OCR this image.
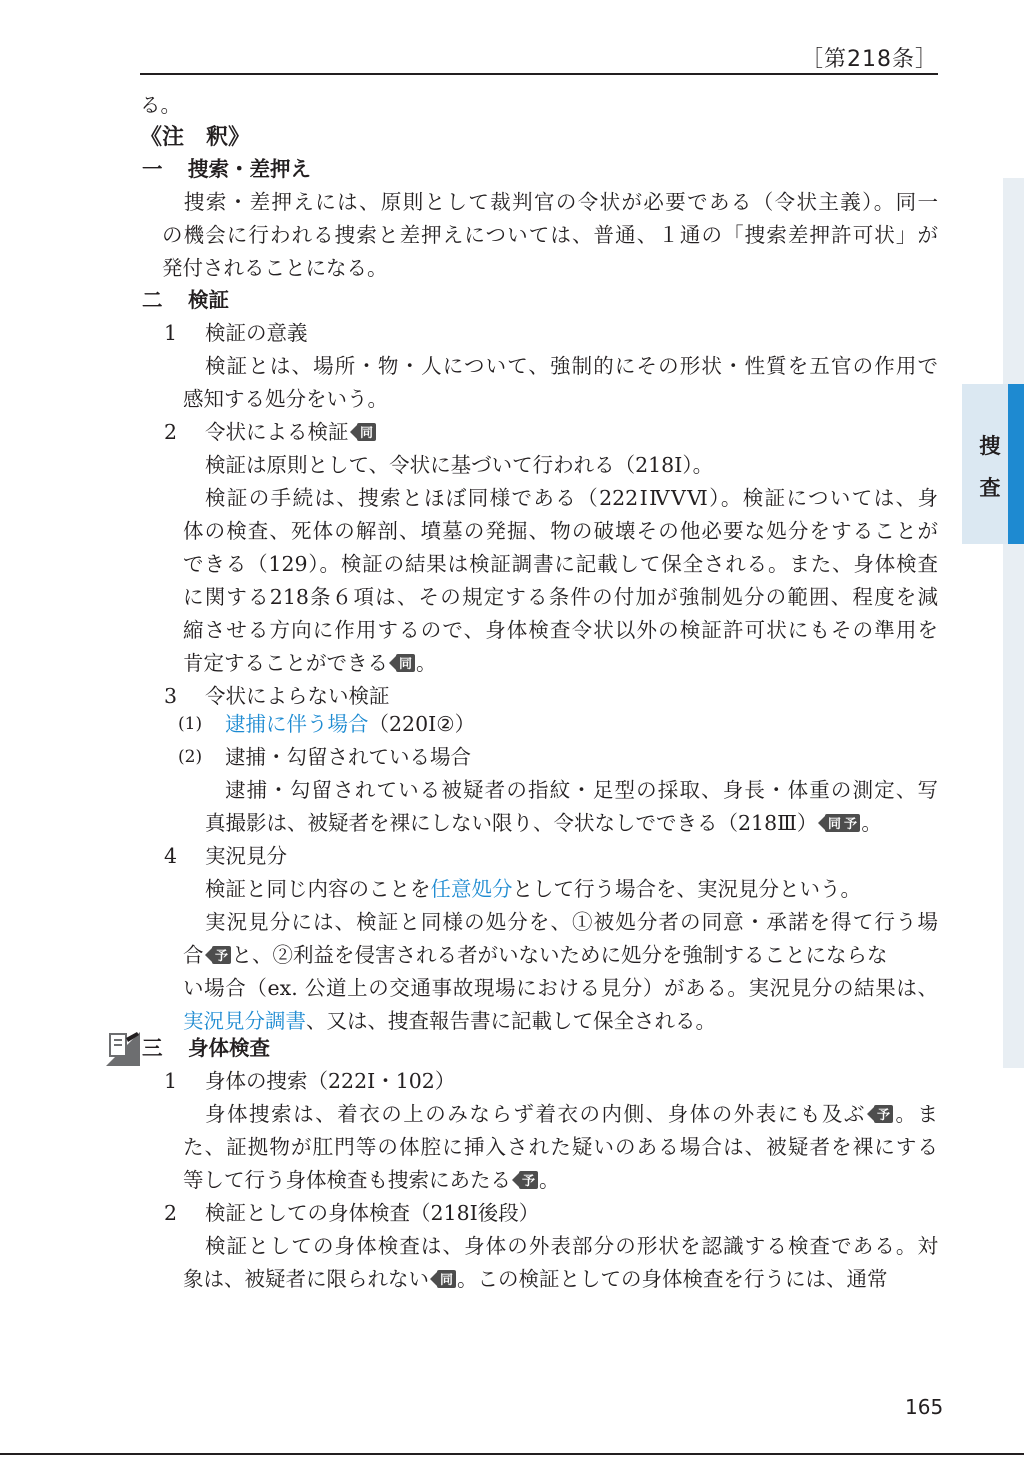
捜
査
［第218条］
る。
《注　釈》
一 捜索・差押え
捜索・差押えには、原則として裁判官の令状が必要である（令状主義）。同一
の機会に行われる捜索と差押えについては、普通、１通の「捜索差押許可状」が
発付されることになる。
二 検証
1 検証の意義
検証とは、場所・物・人について、強制的にその形状・性質を五官の作用で
感知する処分をいう。
2 令状による検証 同
検証は原則として、令状に基づいて行われる（218Ⅰ）。
検証の手続は、捜索とほぼ同様である（222ⅠⅣⅤⅥ）。検証については、身
体の検査、死体の解剖、墳墓の発掘、物の破壊その他必要な処分をすることが
できる（129）。検証の結果は検証調書に記載して保全される。また、身体検査
に関する218条６項は、その規定する条件の付加が強制処分の範囲、程度を減
縮させる方向に作用するので、身体検査令状以外の検証許可状にもその準用を
肯定することができる 同 。
3 令状によらない検証
(1) 逮捕に伴う場合（220Ⅰ②）
(2) 逮捕・勾留されている場合
逮捕・勾留されている被疑者の指紋・足型の採取、身長・体重の測定、写
真撮影は、被疑者を裸にしない限り、令状なしでできる（218Ⅲ） 同 予 。
4 実況見分
検証と同じ内容のことを任意処分として行う場合を、実況見分という。
実況見分には、検証と同様の処分を、①被処分者の同意・承諾を得て行う場
合 予 と、②利益を侵害される者がいないために処分を強制することにならな
い場合（ex. 公道上の交通事故現場における見分）がある。実況見分の結果は、
実況見分調書、又は、捜査報告書に記載して保全される。
三 身体検査
1 身体の捜索（222Ⅰ・102）
身体捜索は、着衣の上のみならず着衣の内側、身体の外表にも及ぶ 予 。ま
た、証拠物が肛門等の体腔に挿入された疑いのある場合は、被疑者を裸にする
等して行う身体検査も捜索にあたる 予 。
2 検証としての身体検査（218Ⅰ後段）
検証としての身体検査は、身体の外表部分の形状を認識する検査である。対
象は、被疑者に限られない 同 。この検証としての身体検査を行うには、通常
165
